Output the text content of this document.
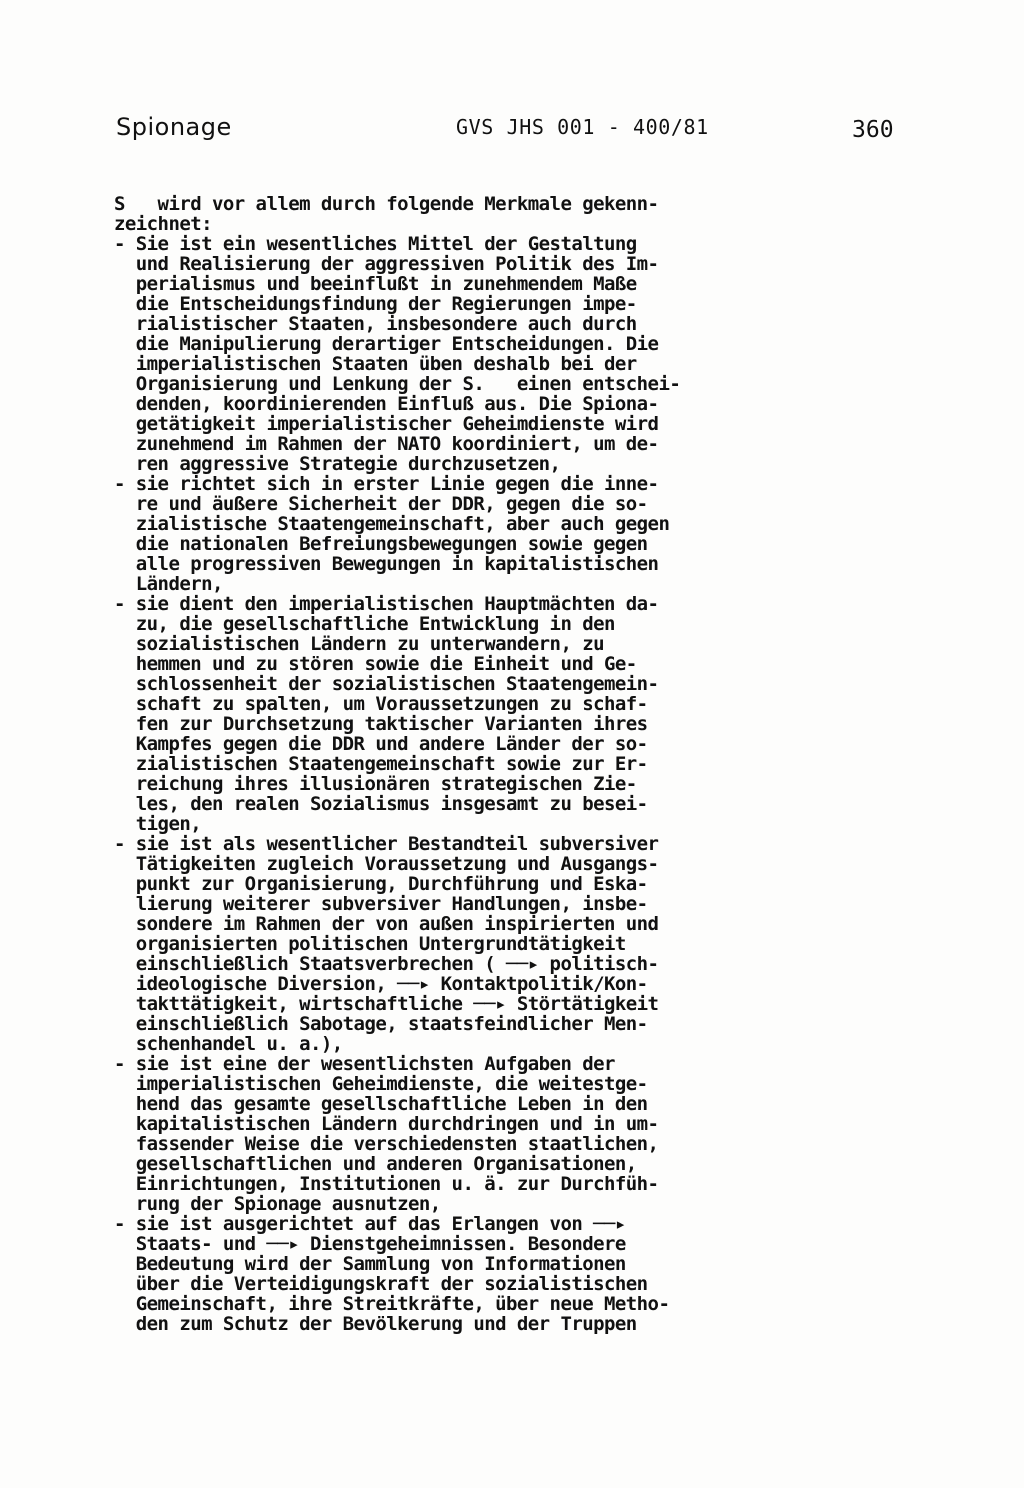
Spionage	GVS JHS 001 - 400/81	360
S   wird vor allem durch folgende Merkmale gekenn-
zeichnet:
- Sie ist ein wesentliches Mittel der Gestaltung
und Realisierung der aggressiven Politik des Im-
perialismus und beeinflußt in zunehmendem Maße
die Entscheidungsfindung der Regierungen impe-
rialistischer Staaten, insbesondere auch durch
die Manipulierung derartiger Entscheidungen. Die
imperialistischen Staaten üben deshalb bei der
Organisierung und Lenkung der S.   einen entschei-
denden, koordinierenden Einfluß aus. Die Spiona-
getätigkeit imperialistischer Geheimdienste wird
zunehmend im Rahmen der NATO koordiniert, um de-
ren aggressive Strategie durchzusetzen,
- sie richtet sich in erster Linie gegen die inne-
re und äußere Sicherheit der DDR, gegen die so-
zialistische Staatengemeinschaft, aber auch gegen
die nationalen Befreiungsbewegungen sowie gegen
alle progressiven Bewegungen in kapitalistischen
Ländern,
- sie dient den imperialistischen Hauptmächten da-
zu, die gesellschaftliche Entwicklung in den
sozialistischen Ländern zu unterwandern, zu
hemmen und zu stören sowie die Einheit und Ge-
schlossenheit der sozialistischen Staatengemein-
schaft zu spalten, um Voraussetzungen zu schaf-
fen zur Durchsetzung taktischer Varianten ihres
Kampfes gegen die DDR und andere Länder der so-
zialistischen Staatengemeinschaft sowie zur Er-
reichung ihres illusionären strategischen Zie-
les, den realen Sozialismus insgesamt zu besei-
tigen,
- sie ist als wesentlicher Bestandteil subversiver
Tätigkeiten zugleich Voraussetzung und Ausgangs-
punkt zur Organisierung, Durchführung und Eska-
lierung weiterer subversiver Handlungen, insbe-
sondere im Rahmen der von außen inspirierten und
organisierten politischen Untergrundtätigkeit
einschließlich Staatsverbrechen ( ──▸ politisch-
ideologische Diversion, ──▸ Kontaktpolitik/Kon-
takttätigkeit, wirtschaftliche ──▸ Störtätigkeit
einschließlich Sabotage, staatsfeindlicher Men-
schenhandel u. a.),
- sie ist eine der wesentlichsten Aufgaben der
imperialistischen Geheimdienste, die weitestge-
hend das gesamte gesellschaftliche Leben in den
kapitalistischen Ländern durchdringen und in um-
fassender Weise die verschiedensten staatlichen,
gesellschaftlichen und anderen Organisationen,
Einrichtungen, Institutionen u. ä. zur Durchfüh-
rung der Spionage ausnutzen,
- sie ist ausgerichtet auf das Erlangen von ──▸
Staats- und ──▸ Dienstgeheimnissen. Besondere
Bedeutung wird der Sammlung von Informationen
über die Verteidigungskraft der sozialistischen
Gemeinschaft, ihre Streitkräfte, über neue Metho-
den zum Schutz der Bevölkerung und der Truppen
